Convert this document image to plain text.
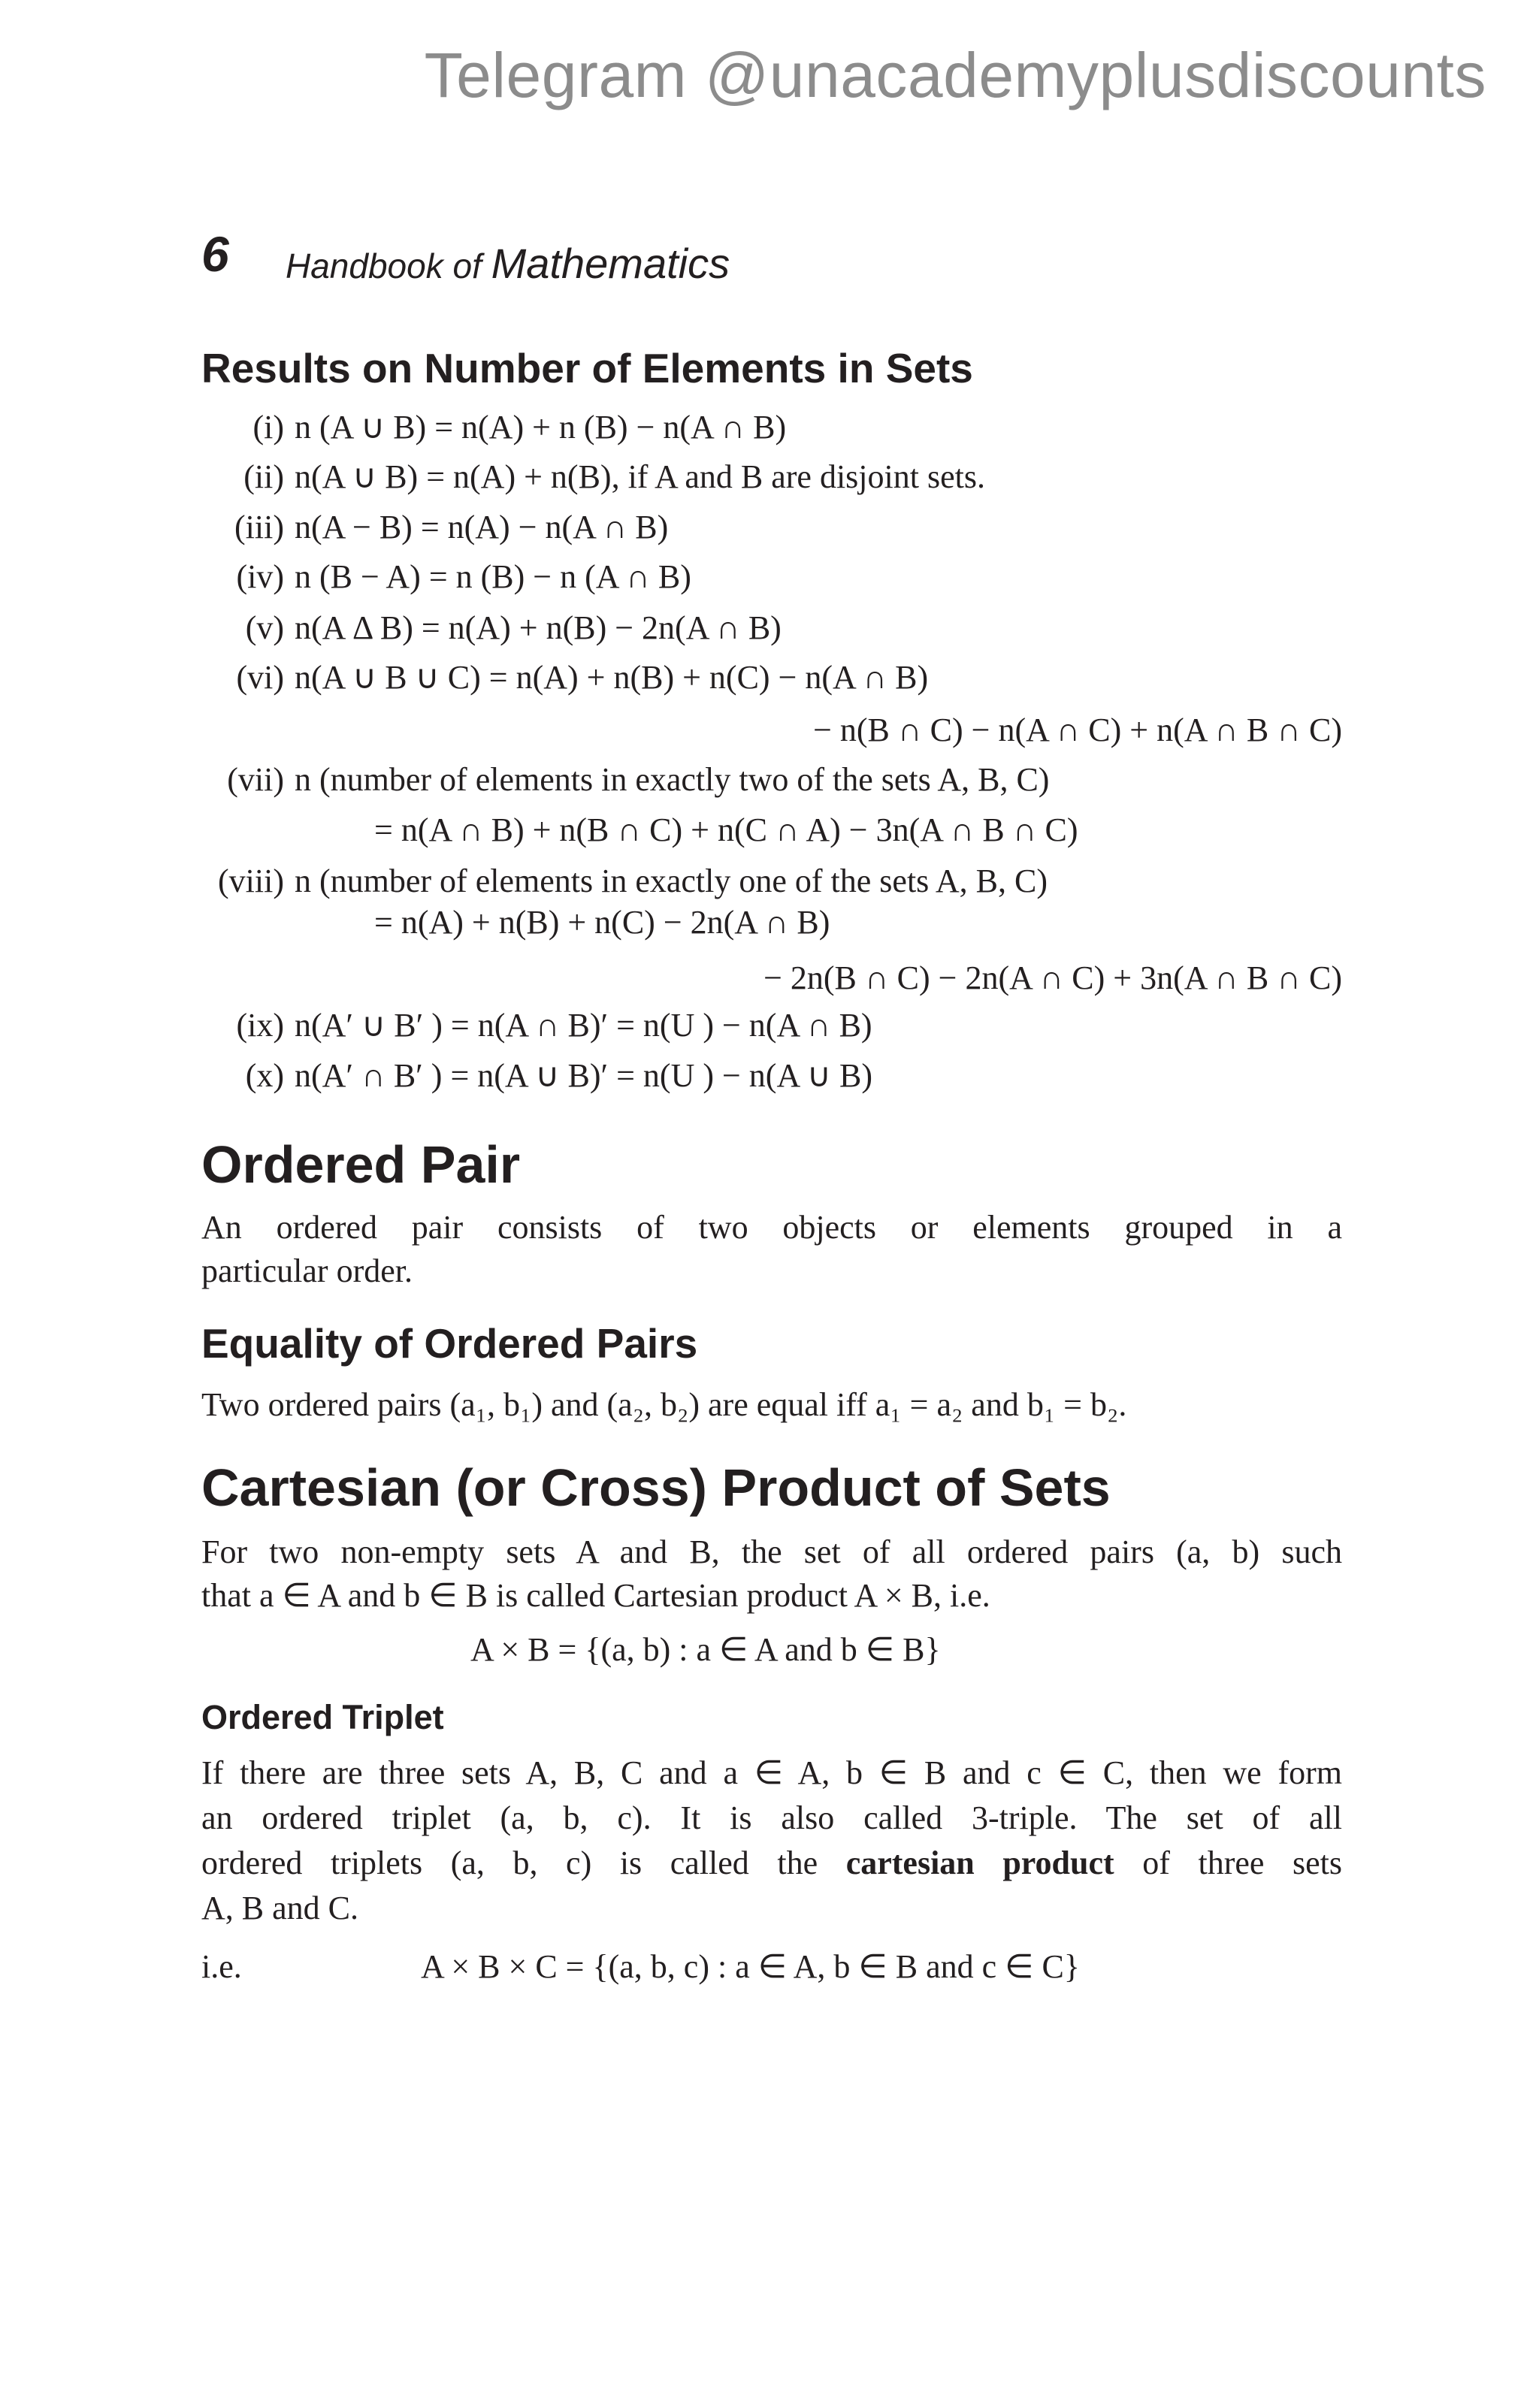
Telegram @unacademyplusdiscounts
6 Handbook of Mathematics
Results on Number of Elements in Sets
(i) n (A ∪ B) = n(A) + n (B) − n(A ∩ B)
(ii) n(A ∪ B) = n(A) + n(B), if A and B are disjoint sets.
(iii) n(A − B) = n(A) − n(A ∩ B)
(iv) n (B − A) = n (B) − n (A ∩ B)
(v) n(A Δ B) = n(A) + n(B) − 2n(A ∩ B)
(vi) n(A ∪ B ∪ C) = n(A) + n(B) + n(C) − n(A ∩ B)
− n(B ∩ C) − n(A ∩ C) + n(A ∩ B ∩ C)
(vii) n (number of elements in exactly two of the sets A, B, C)
= n(A ∩ B) + n(B ∩ C) + n(C ∩ A) − 3n(A ∩ B ∩ C)
(viii) n (number of elements in exactly one of the sets A, B, C)
= n(A) + n(B) + n(C) − 2n(A ∩ B)
− 2n(B ∩ C) − 2n(A ∩ C) + 3n(A ∩ B ∩ C)
(ix) n(A′ ∪ B′ ) = n(A ∩ B)′ = n(U ) − n(A ∩ B)
(x) n(A′ ∩ B′ ) = n(A ∪ B)′ = n(U ) − n(A ∪ B)
Ordered Pair
An ordered pair consists of two objects or elements grouped in a
particular order.
Equality of Ordered Pairs
Two ordered pairs (a₁, b₁) and (a₂, b₂) are equal iff a₁ = a₂ and b₁ = b₂.
Cartesian (or Cross) Product of Sets
For two non-empty sets A and B, the set of all ordered pairs (a, b) such
that a ∈ A and b ∈ B is called Cartesian product A × B, i.e.
A × B = {(a, b) : a ∈ A and b ∈ B}
Ordered Triplet
If there are three sets A, B, C and a ∈ A, b ∈ B and c ∈ C, then we form
an ordered triplet (a, b, c). It is also called 3-triple. The set of all
ordered triplets (a, b, c) is called the cartesian product of three sets
A, B and C.
i.e.	A × B × C = {(a, b, c) : a ∈ A, b ∈ B and c ∈ C}
